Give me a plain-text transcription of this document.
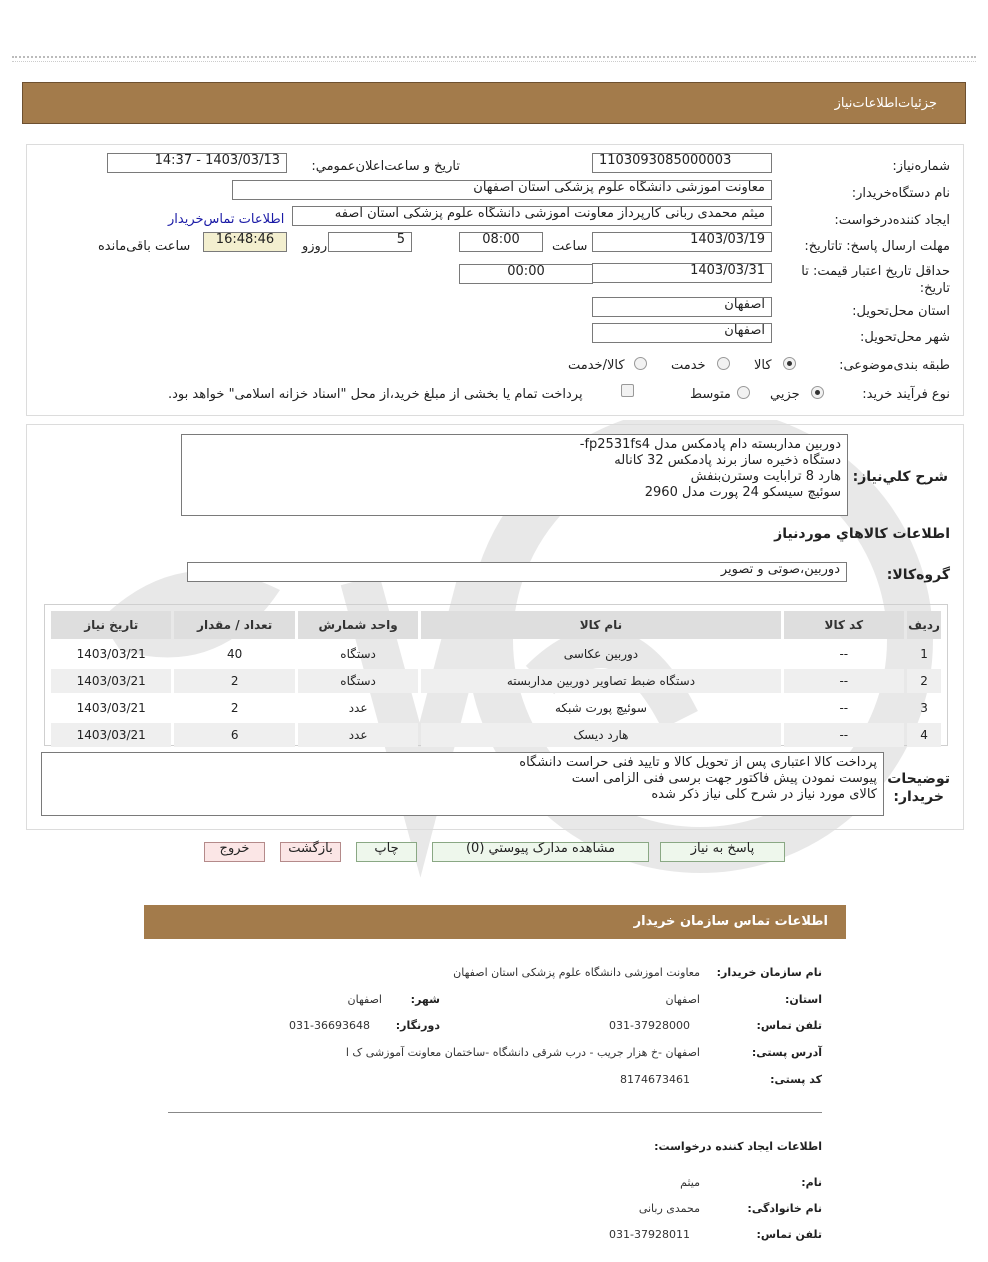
جزئیات‌اطلاعات‌نیاز
شماره‌نیاز:
1103093085000003
تاریخ و ساعت‌اعلان‌عمومي:
1403/03/13 - 14:37
نام دستگاه‌خریدار:
معاونت آموزشی دانشگاه علوم پزشکی استان اصفهان
ایجاد کننده‌درخواست:
میثم محمدی ربانی کارپرداز معاونت آموزشی دانشگاه علوم پزشکی استان اصفه
اطلاعات تماس‌خریدار
مهلت ارسال پاسخ: تاتاریخ:
1403/03/19
ساعت
08:00
5
روزو
16:48:46
ساعت باقی‌مانده
حداقل تاریخ اعتبار قیمت: تا تاریخ:
1403/03/31
00:00
استان محل‌تحویل:
اصفهان
شهر محل‌تحویل:
اصفهان
طبقه بندی‌موضوعی:
کالا
خدمت
کالا/خدمت
نوع فرآیند خرید:
جزیي
متوسط
پرداخت تمام یا بخشی از مبلغ خرید،از محل "اسناد خزانه اسلامی" خواهد بود.
شرح کلي‌نیاز:
دوربین مداربسته دام پادمکس مدل fp2531fs4-
دستگاه ذخیره ساز برند پادمکس 32 کاناله
هارد 8 ترابایت وسترن‌بنفش
سوئیچ سیسکو 24 پورت مدل 2960
اطلاعات کالاهاي موردنیاز
گروه‌کالا:
دوربین،صوتی و تصویر
ردیف	کد کالا	نام کالا	واحد شمارش	تعداد / مقدار	تاریخ نیاز
1	--	دوربین عکاسی	دستگاه	40	1403/03/21
2	--	دستگاه ضبط تصاویر دوربین مداربسته	دستگاه	2	1403/03/21
3	--	سوئیچ پورت شبکه	عدد	2	1403/03/21
4	--	هارد دیسک	عدد	6	1403/03/21
توضیحات
خریدار:
پرداخت کالا اعتباری پس از تحویل کالا و تایید فنی حراست دانشگاه
پیوست نمودن پیش فاکتور جهت برسی فنی الزامی است
کالای مورد نیاز در شرح کلی نیاز ذکر شده
پاسخ به نیاز
مشاهده مدارک پیوستي (0)
چاپ
بازگشت
خروج
اطلاعات تماس سازمان خریدار
نام سازمان خریدار:
معاونت اموزشی دانشگاه علوم پزشکی استان اصفهان
استان:
اصفهان
شهر:
اصفهان
تلفن تماس:
031-37928000
دورنگار:
031-36693648
آدرس پستی:
اصفهان -خ هزار جریب - درب شرقی دانشگاه -ساختمان معاونت آموزشی ک ا
کد پستی:
8174673461
اطلاعات ایجاد کننده درخواست:
نام:
میثم
نام خانوادگی:
محمدی ربانی
تلفن تماس:
031-37928011
